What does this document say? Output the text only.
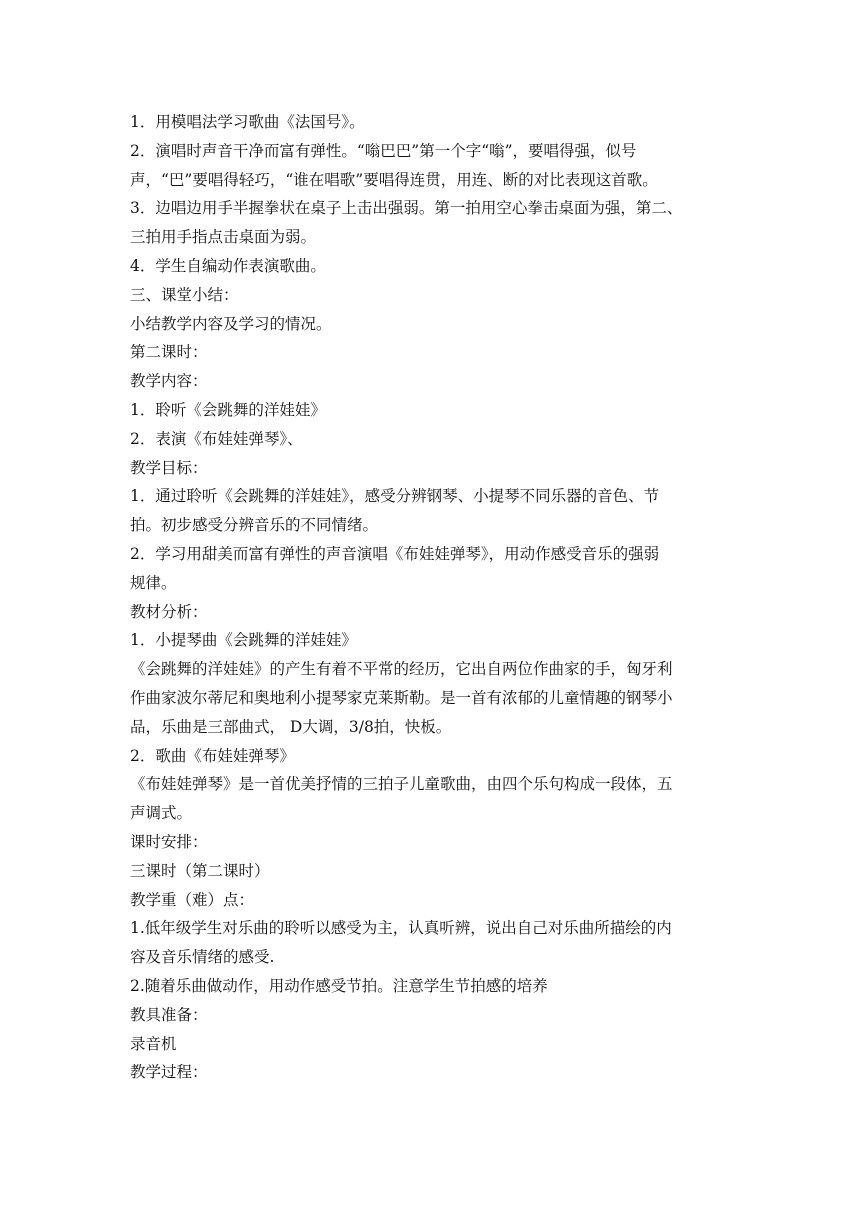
1．用模唱法学习歌曲《法国号》。
2．演唱时声音干净而富有弹性。“嗡巴巴”第一个字“嗡”，要唱得强，似号
声，“巴”要唱得轻巧，“谁在唱歌”要唱得连贯，用连、断的对比表现这首歌。
3．边唱边用手半握拳状在桌子上击出强弱。第一拍用空心拳击桌面为强，第二、
三拍用手指点击桌面为弱。
4．学生自编动作表演歌曲。
三、课堂小结：
小结教学内容及学习的情况。
第二课时：
教学内容：
1．聆听《会跳舞的洋娃娃》
2．表演《布娃娃弹琴》、
教学目标：
1．通过聆听《会跳舞的洋娃娃》，感受分辨钢琴、小提琴不同乐器的音色、节
拍。初步感受分辨音乐的不同情绪。
2．学习用甜美而富有弹性的声音演唱《布娃娃弹琴》，用动作感受音乐的强弱
规律。
教材分析：
1．小提琴曲《会跳舞的洋娃娃》
《会跳舞的洋娃娃》的产生有着不平常的经历，它出自两位作曲家的手，匈牙利
作曲家波尔蒂尼和奥地利小提琴家克莱斯勒。是一首有浓郁的儿童情趣的钢琴小
品，乐曲是三部曲式， D大调，3/8拍，快板。
2．歌曲《布娃娃弹琴》
《布娃娃弹琴》是一首优美抒情的三拍子儿童歌曲，由四个乐句构成一段体，五
声调式。
课时安排：
三课时（第二课时）
教学重（难）点：
1.低年级学生对乐曲的聆听以感受为主，认真听辨，说出自己对乐曲所描绘的内
容及音乐情绪的感受.
2.随着乐曲做动作，用动作感受节拍。注意学生节拍感的培养
教具准备：
录音机
教学过程：
